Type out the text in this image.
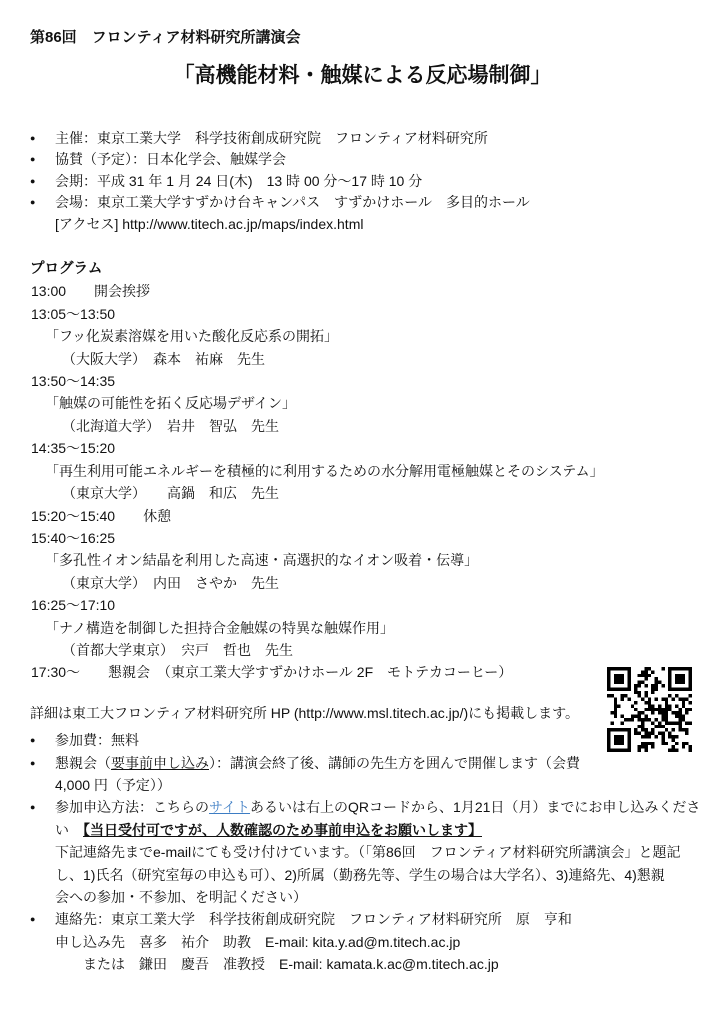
第86回　フロンティア材料研究所講演会
「高機能材料・触媒による反応場制御」
●	主催：東京工業大学　科学技術創成研究院　フロンティア材料研究所
●	協賛（予定）：日本化学会、触媒学会
●	会期：平成 31 年 1 月 24 日(木)　13 時 00 分～17 時 10 分
●	会場：東京工業大学すずかけ台キャンパス　すずかけホール　多目的ホール
[アクセス] http://www.titech.ac.jp/maps/index.html
プログラム
13:00　　開会挨拶
13:05～13:50
「フッ化炭素溶媒を用いた酸化反応系の開拓」
（大阪大学）　森本　祐麻　先生
13:50～14:35
「触媒の可能性を拓く反応場デザイン」
（北海道大学）　岩井　智弘　先生
14:35～15:20
「再生利用可能エネルギーを積極的に利用するための水分解用電極触媒とそのシステム」
（東京大学）　　高鍋　和広　先生
15:20～15:40　　休憩
15:40～16:25
「多孔性イオン結晶を利用した高速・高選択的なイオン吸着・伝導」
（東京大学）　内田　さやか　先生
16:25～17:10
「ナノ構造を制御した担持合金触媒の特異な触媒作用」
（首都大学東京）　宍戸　哲也　先生
17:30～　　懇親会　（東京工業大学すずかけホール 2F　モトテカコーヒー）
詳細は東工大フロンティア材料研究所 HP (http://www.msl.titech.ac.jp/)にも掲載します。
●	参加費：無料
●	懇親会（要事前申し込み）：講演会終了後、講師の先生方を囲んで開催します（会費
4,000 円（予定））
●	参加申込方法：こちらのサイトあるいは右上のQRコードから、1月21日（月）までにお申し込みくださ
い　【当日受付可ですが、人数確認のため事前申込をお願いします】
下記連絡先までe-mailにても受け付けています。（「第86回　フロンティア材料研究所講演会」と題記
し、1)氏名（研究室毎の申込も可）、2)所属（勤務先等、学生の場合は大学名）、3)連絡先、4)懇親
会への参加・不参加、を明記ください）
●	連絡先：東京工業大学　科学技術創成研究院　フロンティア材料研究所　原　亨和
申し込み先　喜多　祐介　助教　E-mail: kita.y.ad@m.titech.ac.jp
　　または　鎌田　慶吾　准教授　E-mail: kamata.k.ac@m.titech.ac.jp
